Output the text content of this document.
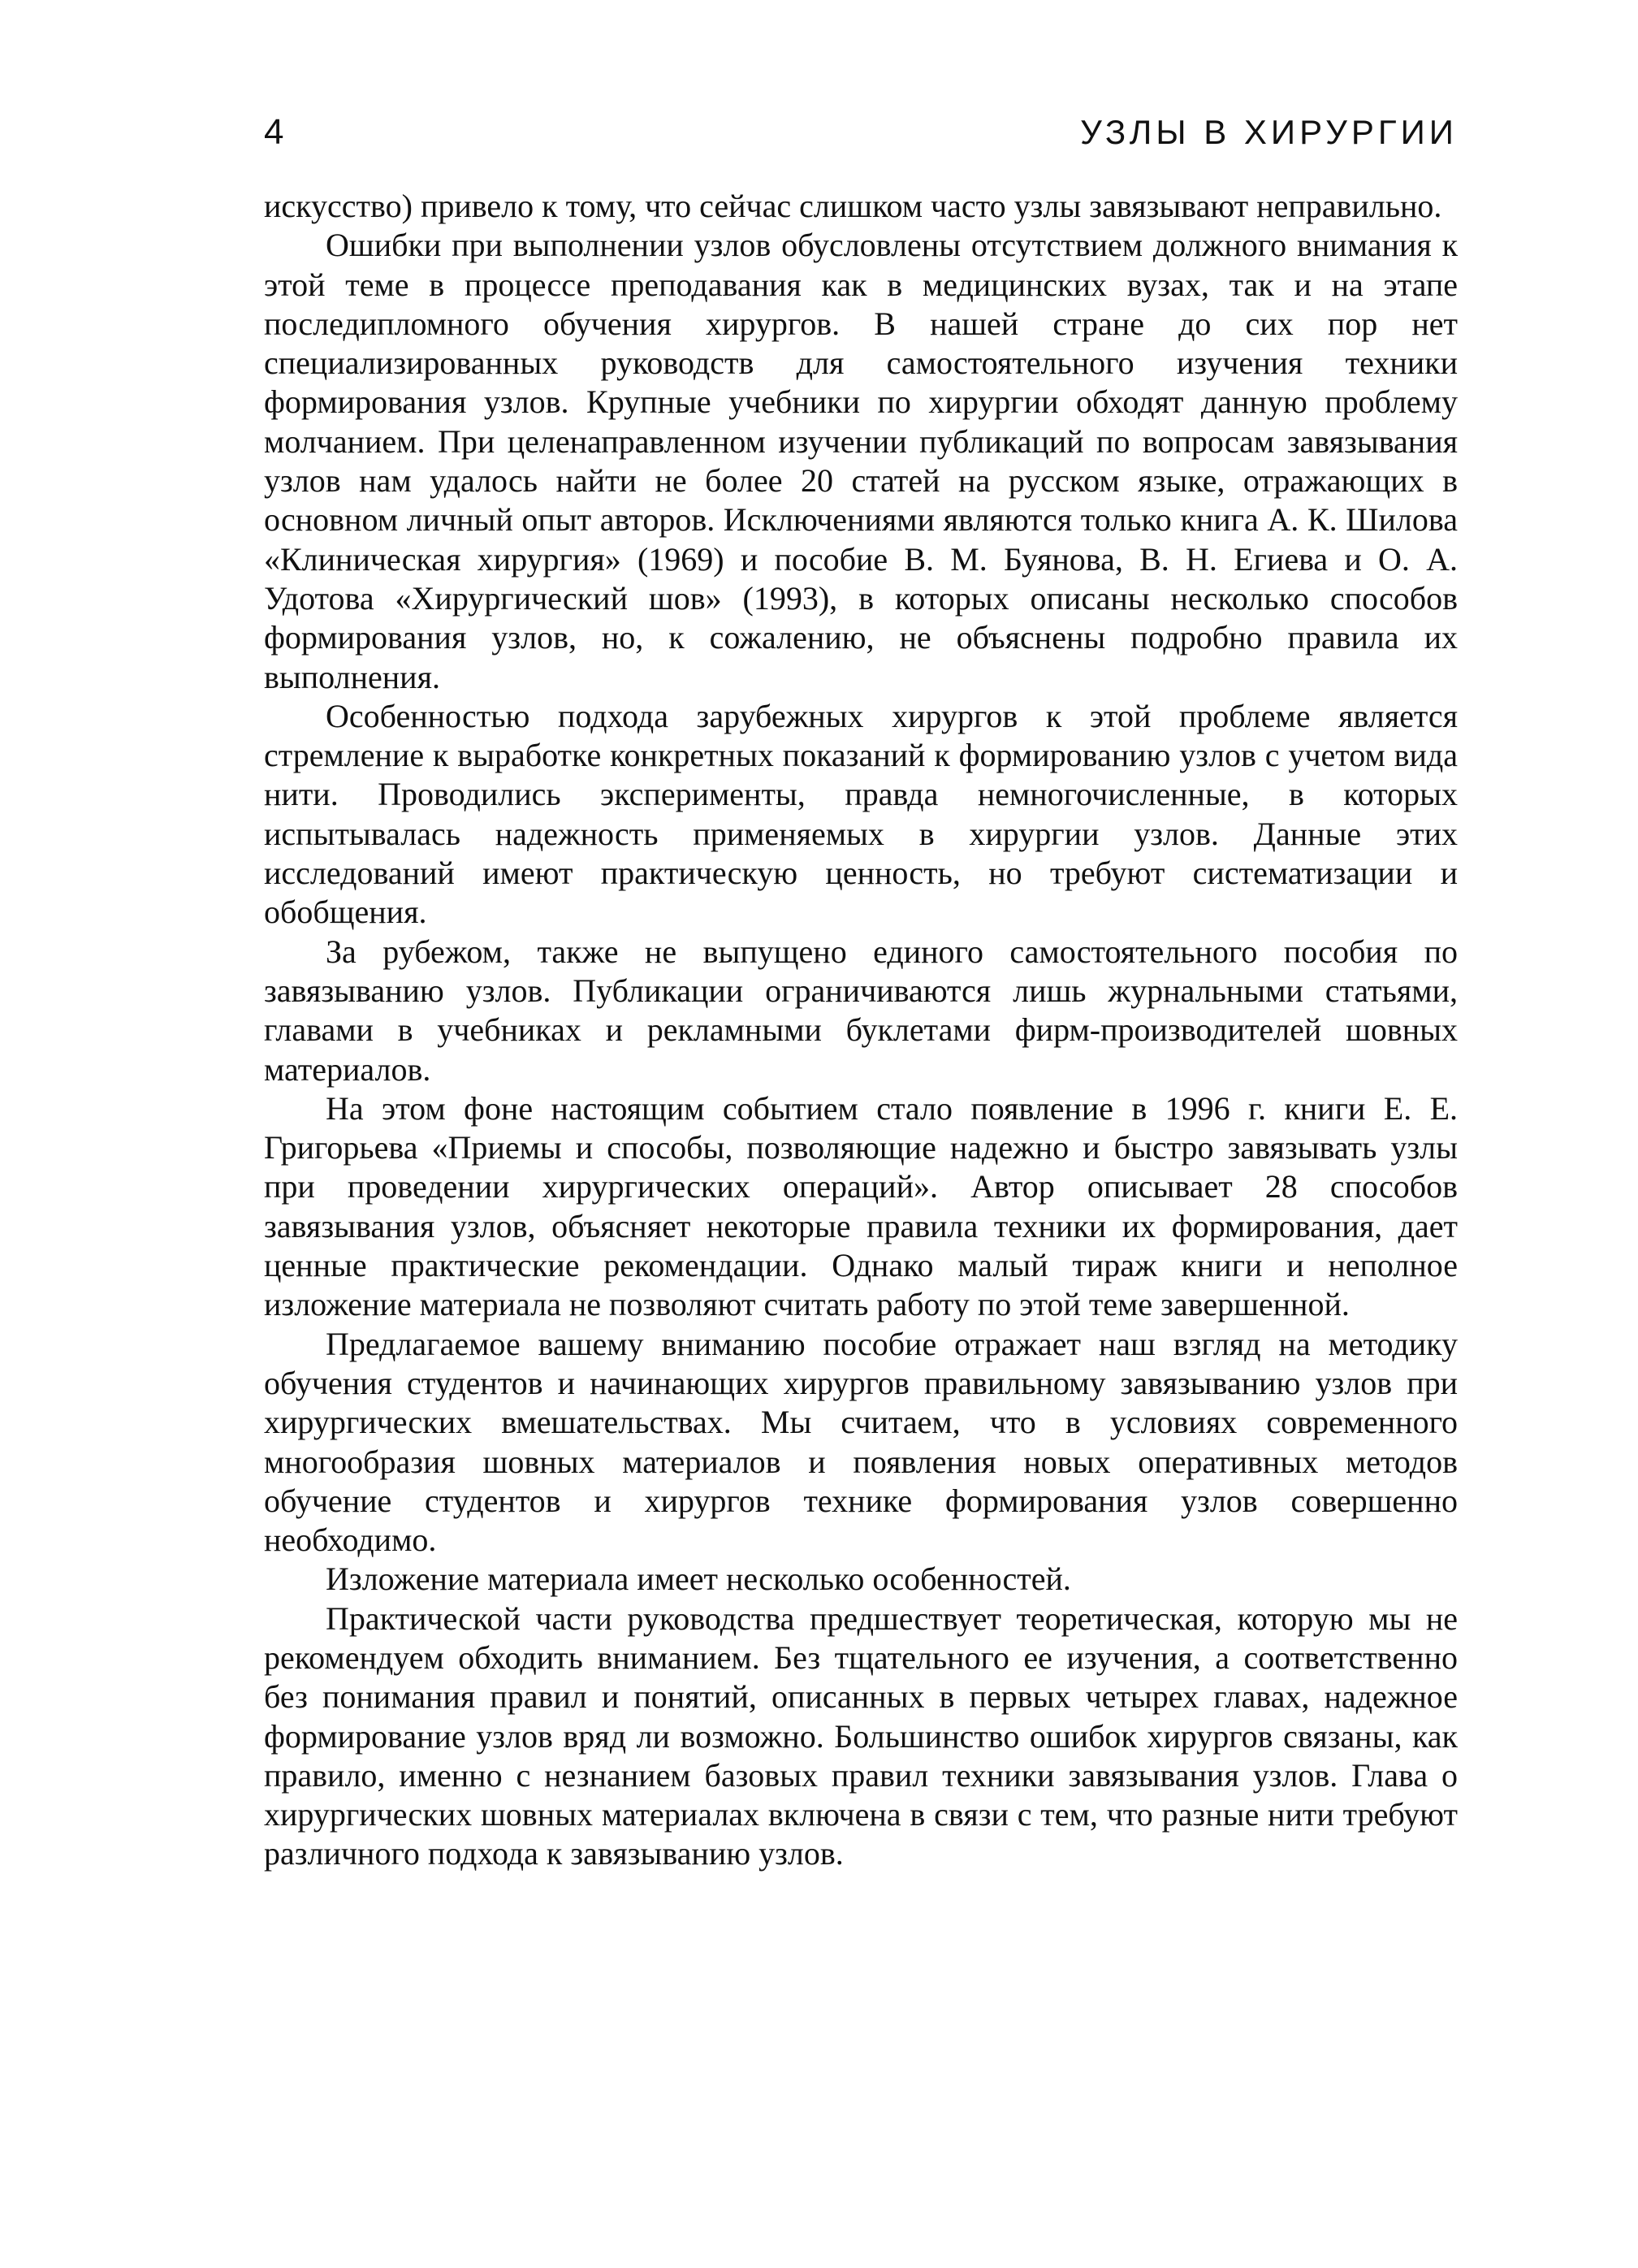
4	УЗЛЫ В ХИРУРГИИ

искусство) привело к тому, что сейчас слишком часто узлы завязывают неправильно.

Ошибки при выполнении узлов обусловлены отсутствием должного внимания к этой теме в процессе преподавания как в медицинских вузах, так и на этапе последипломного обучения хирургов. В нашей стране до сих пор нет специализированных руководств для самостоятельного изучения техники формирования узлов. Крупные учебники по хирургии обходят данную проблему молчанием. При целенаправленном изучении публикаций по вопросам завязывания узлов нам удалось найти не более 20 статей на русском языке, отражающих в основном личный опыт авторов. Исключениями являются только книга А. К. Шилова «Клиническая хирургия» (1969) и пособие В. М. Буянова, В. Н. Егиева и О. А. Удотова «Хирургический шов» (1993), в которых описаны несколько способов формирования узлов, но, к сожалению, не объяснены подробно правила их выполнения.

Особенностью подхода зарубежных хирургов к этой проблеме является стремление к выработке конкретных показаний к формированию узлов с учетом вида нити. Проводились эксперименты, правда немногочисленные, в которых испытывалась надежность применяемых в хирургии узлов. Данные этих исследований имеют практическую ценность, но требуют систематизации и обобщения.

За рубежом, также не выпущено единого самостоятельного пособия по завязыванию узлов. Публикации ограничиваются лишь журнальными статьями, главами в учебниках и рекламными буклетами фирм-производителей шовных материалов.

На этом фоне настоящим событием стало появление в 1996 г. книги Е. Е. Григорьева «Приемы и способы, позволяющие надежно и быстро завязывать узлы при проведении хирургических операций». Автор описывает 28 способов завязывания узлов, объясняет некоторые правила техники их формирования, дает ценные практические рекомендации. Однако малый тираж книги и неполное изложение материала не позволяют считать работу по этой теме завершенной.

Предлагаемое вашему вниманию пособие отражает наш взгляд на методику обучения студентов и начинающих хирургов правильному завязыванию узлов при хирургических вмешательствах. Мы считаем, что в условиях современного многообразия шовных материалов и появления новых оперативных методов обучение студентов и хирургов технике формирования узлов совершенно необходимо.

Изложение материала имеет несколько особенностей.

Практической части руководства предшествует теоретическая, которую мы не рекомендуем обходить вниманием. Без тщательного ее изучения, а соответственно без понимания правил и понятий, описанных в первых четырех главах, надежное формирование узлов вряд ли возможно. Большинство ошибок хирургов связаны, как правило, именно с незнанием базовых правил техники завязывания узлов. Глава о хирургических шовных материалах включена в связи с тем, что разные нити требуют различного подхода к завязыванию узлов.
